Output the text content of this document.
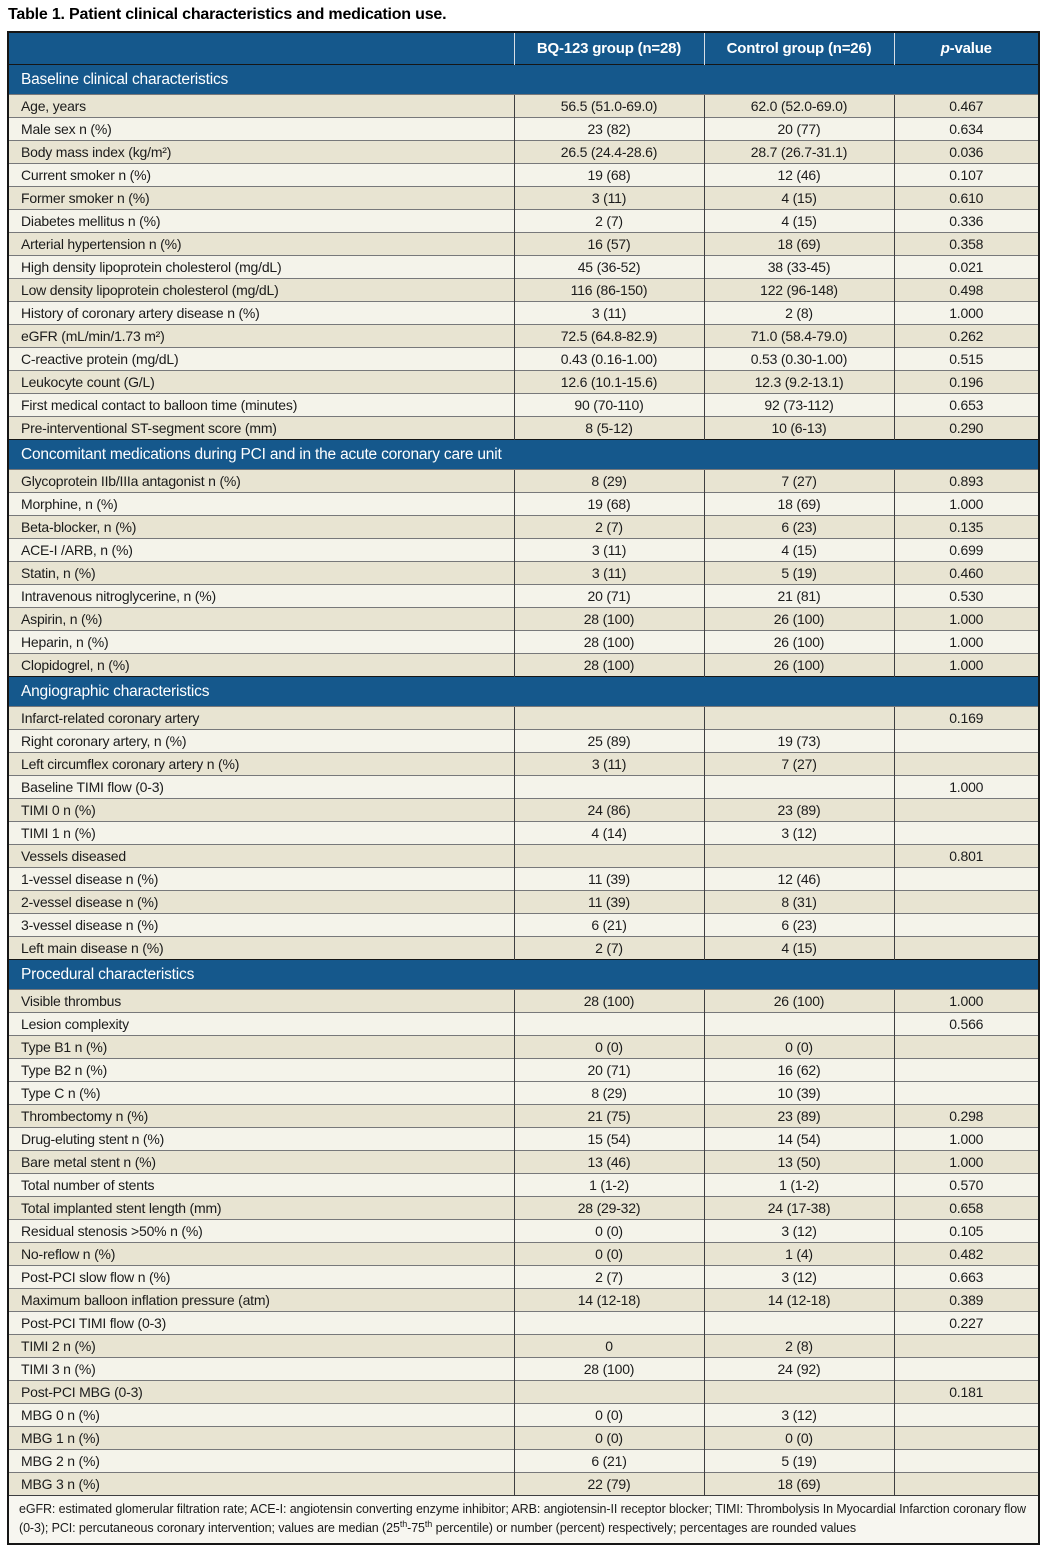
Table 1. Patient clinical characteristics and medication use.
	BQ-123 group (n=28)	Control group (n=26)	p-value
Baseline clinical characteristics			
Age, years	56.5 (51.0-69.0)	62.0 (52.0-69.0)	0.467
Male sex n (%)	23 (82)	20 (77)	0.634
Body mass index (kg/m²)	26.5 (24.4-28.6)	28.7 (26.7-31.1)	0.036
Current smoker n (%)	19 (68)	12 (46)	0.107
Former smoker n (%)	3 (11)	4 (15)	0.610
Diabetes mellitus n (%)	2 (7)	4 (15)	0.336
Arterial hypertension n (%)	16 (57)	18 (69)	0.358
High density lipoprotein cholesterol (mg/dL)	45 (36-52)	38 (33-45)	0.021
Low density lipoprotein cholesterol (mg/dL)	116 (86-150)	122 (96-148)	0.498
History of coronary artery disease n (%)	3 (11)	2 (8)	1.000
eGFR (mL/min/1.73 m²)	72.5 (64.8-82.9)	71.0 (58.4-79.0)	0.262
C-reactive protein (mg/dL)	0.43 (0.16-1.00)	0.53 (0.30-1.00)	0.515
Leukocyte count (G/L)	12.6 (10.1-15.6)	12.3 (9.2-13.1)	0.196
First medical contact to balloon time (minutes)	90 (70-110)	92 (73-112)	0.653
Pre-interventional ST-segment score (mm)	8 (5-12)	10 (6-13)	0.290
Concomitant medications during PCI and in the acute coronary care unit			
Glycoprotein IIb/IIIa antagonist n (%)	8 (29)	7 (27)	0.893
Morphine, n (%)	19 (68)	18 (69)	1.000
Beta-blocker, n (%)	2 (7)	6 (23)	0.135
ACE-I /ARB, n (%)	3 (11)	4 (15)	0.699
Statin, n (%)	3 (11)	5 (19)	0.460
Intravenous nitroglycerine, n (%)	20 (71)	21 (81)	0.530
Aspirin, n (%)	28 (100)	26 (100)	1.000
Heparin, n (%)	28 (100)	26 (100)	1.000
Clopidogrel, n (%)	28 (100)	26 (100)	1.000
Angiographic characteristics			
Infarct-related coronary artery			0.169
Right coronary artery, n (%)	25 (89)	19 (73)	
Left circumflex coronary artery n (%)	3 (11)	7 (27)	
Baseline TIMI flow (0-3)			1.000
TIMI 0 n (%)	24 (86)	23 (89)	
TIMI 1 n (%)	4 (14)	3 (12)	
Vessels diseased			0.801
1-vessel disease n (%)	11 (39)	12 (46)	
2-vessel disease n (%)	11 (39)	8 (31)	
3-vessel disease n (%)	6 (21)	6 (23)	
Left main disease n (%)	2 (7)	4 (15)	
Procedural characteristics			
Visible thrombus	28 (100)	26 (100)	1.000
Lesion complexity			0.566
Type B1 n (%)	0 (0)	0 (0)	
Type B2 n (%)	20 (71)	16 (62)	
Type C n (%)	8 (29)	10 (39)	
Thrombectomy n (%)	21 (75)	23 (89)	0.298
Drug-eluting stent n (%)	15 (54)	14 (54)	1.000
Bare metal stent n (%)	13 (46)	13 (50)	1.000
Total number of stents	1 (1-2)	1 (1-2)	0.570
Total implanted stent length (mm)	28 (29-32)	24 (17-38)	0.658
Residual stenosis >50% n (%)	0 (0)	3 (12)	0.105
No-reflow n (%)	0 (0)	1 (4)	0.482
Post-PCI slow flow n (%)	2 (7)	3 (12)	0.663
Maximum balloon inflation pressure (atm)	14 (12-18)	14 (12-18)	0.389
Post-PCI TIMI flow (0-3)			0.227
TIMI 2 n (%)	0	2 (8)	
TIMI 3 n (%)	28 (100)	24 (92)	
Post-PCI MBG (0-3)			0.181
MBG 0 n (%)	0 (0)	3 (12)	
MBG 1 n (%)	0 (0)	0 (0)	
MBG 2 n (%)	6 (21)	5 (19)	
MBG 3 n (%)	22 (79)	18 (69)	
eGFR: estimated glomerular filtration rate; ACE-I: angiotensin converting enzyme inhibitor; ARB: angiotensin-II receptor blocker; TIMI: Thrombolysis In Myocardial Infarction coronary flow (0-3); PCI: percutaneous coronary intervention; values are median (25th-75th percentile) or number (percent) respectively; percentages are rounded values			
